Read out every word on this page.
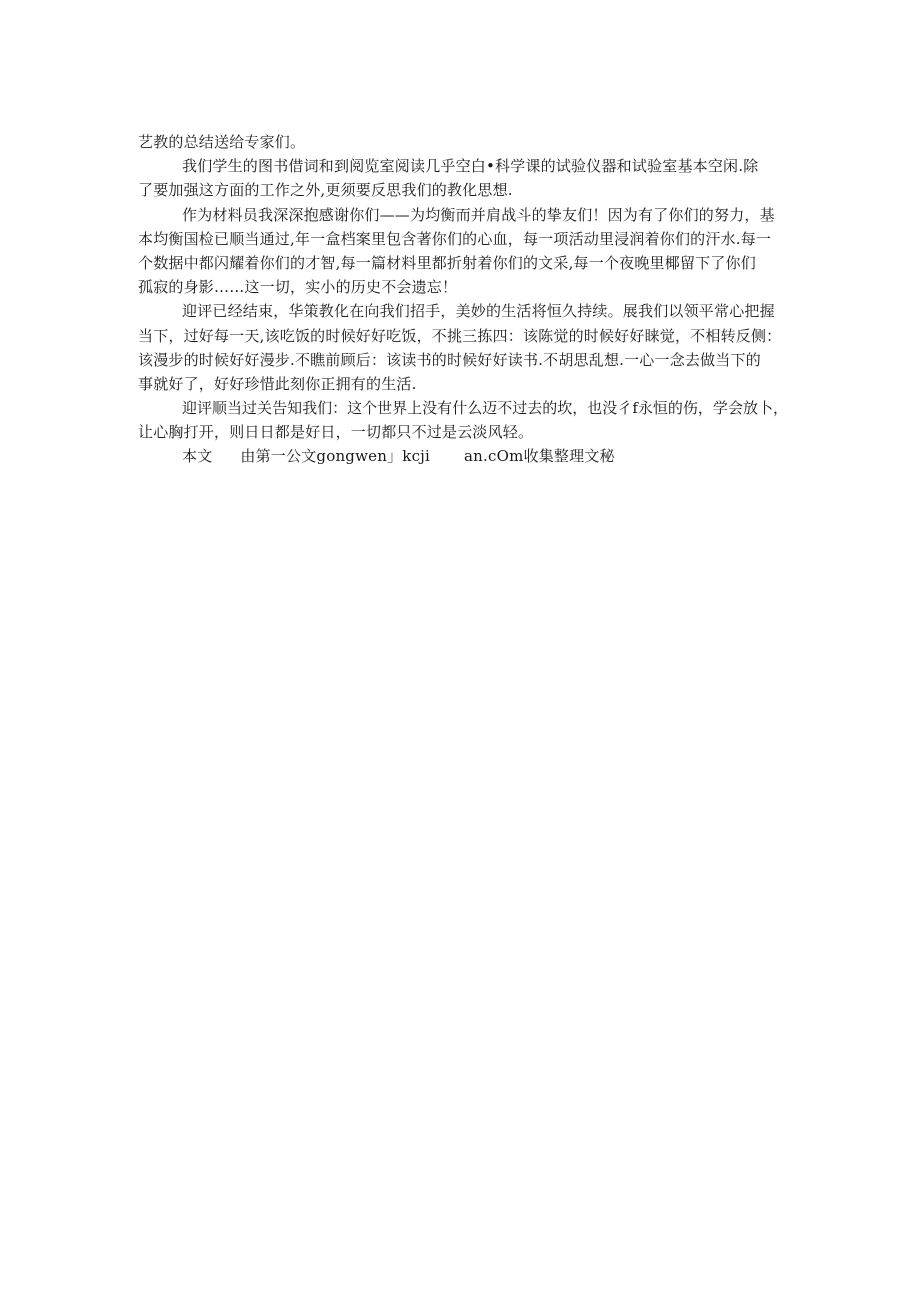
艺教的总结送给专家们。
我们学生的图书借词和到阅览室阅读几乎空白•科学课的试验仪器和试验室基本空闲.除
了要加强这方面的工作之外,更须要反思我们的教化思想.
作为材料员我深深抱感谢你们——为均衡而并肩战斗的挚友们！因为有了你们的努力，基
本均衡国检已顺当通过,年一盒档案里包含著你们的心血，每一项活动里浸润着你们的汗水.每一
个数据中都闪耀着你们的才智,每一篇材料里都折射着你们的文采,每一个夜晚里椰留下了你们
孤寂的身影……这一切，实小的历史不会遗忘！
迎评已经结束，华策教化在向我们招手，美妙的生活将恒久持续。展我们以领平常心把握
当下，过好每一天,该吃饭的时候好好吃饭，不挑三拣四：该陈觉的时候好好睐觉，不相转反侧：
该漫步的时候好好漫步.不瞧前顾后：该读书的时候好好读书.不胡思乱想.一心一念去做当下的
事就好了，好好珍惜此刻你正拥有的生活.
迎评顺当过关告知我们：这个世界上没有什么迈不过去的坎，也没彳f永恒的伤，学会放卜，
让心胸打开，则日日都是好日，一切都只不过是云淡风轻。
本文 由第一公文gongwen」kcji an.cOm收集整理文秘
